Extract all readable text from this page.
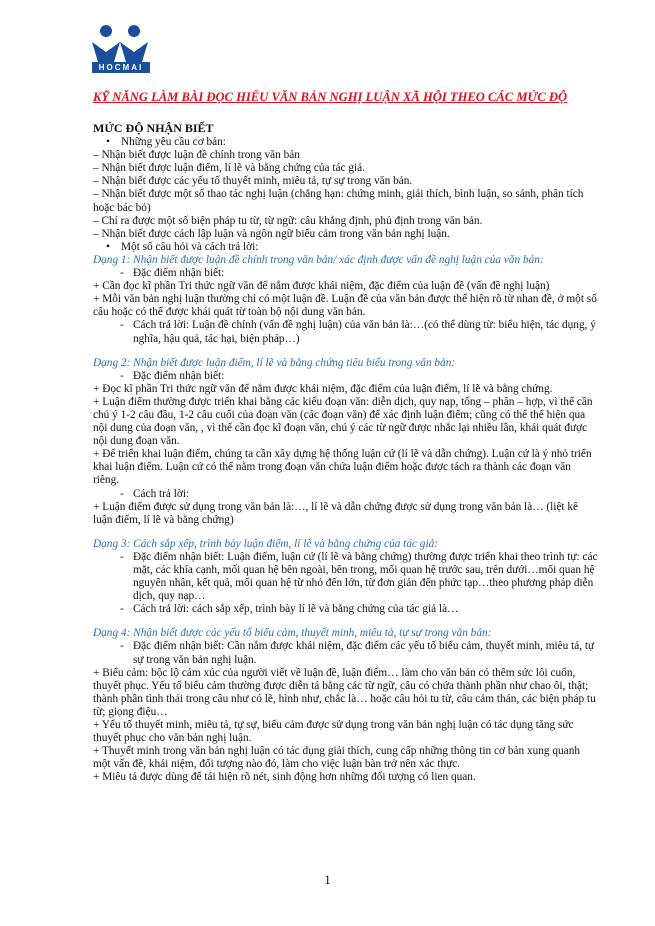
HOCMAI
KỸ NĂNG LÀM BÀI ĐỌC HIỂU VĂN BẢN NGHỊ LUẬN XÃ HỘI THEO CÁC MỨC ĐỘ
MỨC ĐỘ NHẬN BIẾT
• Những yêu cầu cơ bản:
– Nhận biết được luận đề chính trong văn bản
– Nhận biết được luận điểm, lí lẽ và bằng chứng của tác giả.
– Nhận biết được các yếu tố thuyết minh, miêu tả, tự sự trong văn bản.
– Nhận biết được một số thao tác nghị luận (chẳng hạn: chứng minh, giải thích, bình luận, so sánh, phân tích hoặc bác bỏ)
– Chỉ ra được một số biện pháp tu từ, từ ngữ: câu khẳng định, phủ định trong văn bản.
– Nhận biết được cách lập luận và ngôn ngữ biểu cảm trong văn bản nghị luận.
• Một số câu hỏi và cách trả lời:
Dạng 1: Nhận biết được luận đề chính trong văn bản/ xác định được vấn đề nghị luận của văn bản:
- Đặc điểm nhận biết:
+ Cần đọc kĩ phần Tri thức ngữ văn để nắm được khái niệm, đặc điểm của luận đề (vấn đề nghị luận)
+ Mỗi văn bản nghị luận thường chỉ có một luận đề. Luận đề của văn bản được thể hiện rõ từ nhan đề, ở một số câu hoặc có thể được khái quát từ toàn bộ nội dung văn bản.
- Cách trả lời: Luận đề chính (vấn đề nghị luận) của văn bản là:…(có thể dùng từ: biểu hiện, tác dụng, ý nghĩa, hậu quả, tác hại, biện pháp…)
Dạng 2: Nhận biết được luận điểm, lí lẽ và bằng chứng tiêu biểu trong văn bản:
- Đặc điểm nhận biết:
+ Đọc kĩ phần Tri thức ngữ văn để nắm được khái niệm, đặc điểm của luận điểm, lí lẽ và bằng chứng.
+ Luận điểm thường được triển khai bằng các kiểu đoạn văn: diễn dịch, quy nạp, tổng – phân – hợp, vì thế cần chú ý 1-2 câu đầu, 1-2 câu cuối của đoạn văn (các đoạn văn) để xác định luận điểm; cũng có thể thể hiện qua nội dung của đoạn văn, , vì thế cần đọc kĩ đoạn văn, chú ý các từ ngữ được nhắc lại nhiều lần, khái quát được nội dung đoạn văn.
+ Để triển khai luận điểm, chúng ta cần xây dựng hệ thống luận cứ (lí lẽ và dẫn chứng). Luận cứ là ý nhỏ triển khai luận điểm. Luận cứ có thể nằm trong đoạn văn chứa luận điểm hoặc được tách ra thành các đoạn văn riêng.
- Cách trả lời:
+ Luận điểm được sử dụng trong văn bản là:…, lí lẽ và dẫn chứng được sử dụng trong văn bản là… (liệt kê luận điểm, lí lẽ và bằng chứng)
Dạng 3: Cách sắp xếp, trình bày luận điểm, lí lẽ và bằng chứng của tác giả:
- Đặc điểm nhận biết: Luận điểm, luận cứ (lí lẽ và bằng chứng) thường được triển khai theo trình tự: các mặt, các khía cạnh, mối quan hệ bên ngoài, bên trong, mối quan hệ trước sau, trên dưới…mối quan hệ nguyên nhân, kết quả, mối quan hệ từ nhỏ đến lớn, từ đơn giản đến phức tạp…theo phương pháp diễn dịch, quy nạp…
- Cách trả lời: cách sắp xếp, trình bày lí lẽ và bằng chứng của tác giả là…
Dạng 4: Nhận biết được các yếu tố biểu cảm, thuyết minh, miêu tả, tự sự trong văn bản:
- Đặc điểm nhận biết: Cần nắm được khái niệm, đặc điểm các yếu tố biểu cảm, thuyết minh, miêu tả, tự sự trong văn bản nghị luận.
+ Biểu cảm: bộc lộ cảm xúc của người viết về luận đề, luận điểm… làm cho văn bản có thêm sức lôi cuốn, thuyết phục. Yếu tố biểu cảm thường được diễn tả bằng các từ ngữ, câu có chứa thành phần như chao ôi, thật; thành phần tình thái trong câu như có lẽ, hình như, chắc là… hoặc câu hỏi tu từ, câu cảm thán, các biện pháp tu từ; giọng điệu…
+ Yếu tố thuyết minh, miêu tả, tự sự, biểu cảm được sử dụng trong văn bản nghị luận có tác dụng tăng sức thuyết phục cho văn bản nghị luận.
+ Thuyết minh trong văn bản nghị luận có tác dụng giải thích, cung cấp những thông tin cơ bản xung quanh một vấn đề, khái niệm, đối tượng nào đó, làm cho việc luận bàn trở nên xác thực.
+ Miêu tả được dùng để tái hiện rõ nét, sinh động hơn những đối tượng có lien quan.
1
